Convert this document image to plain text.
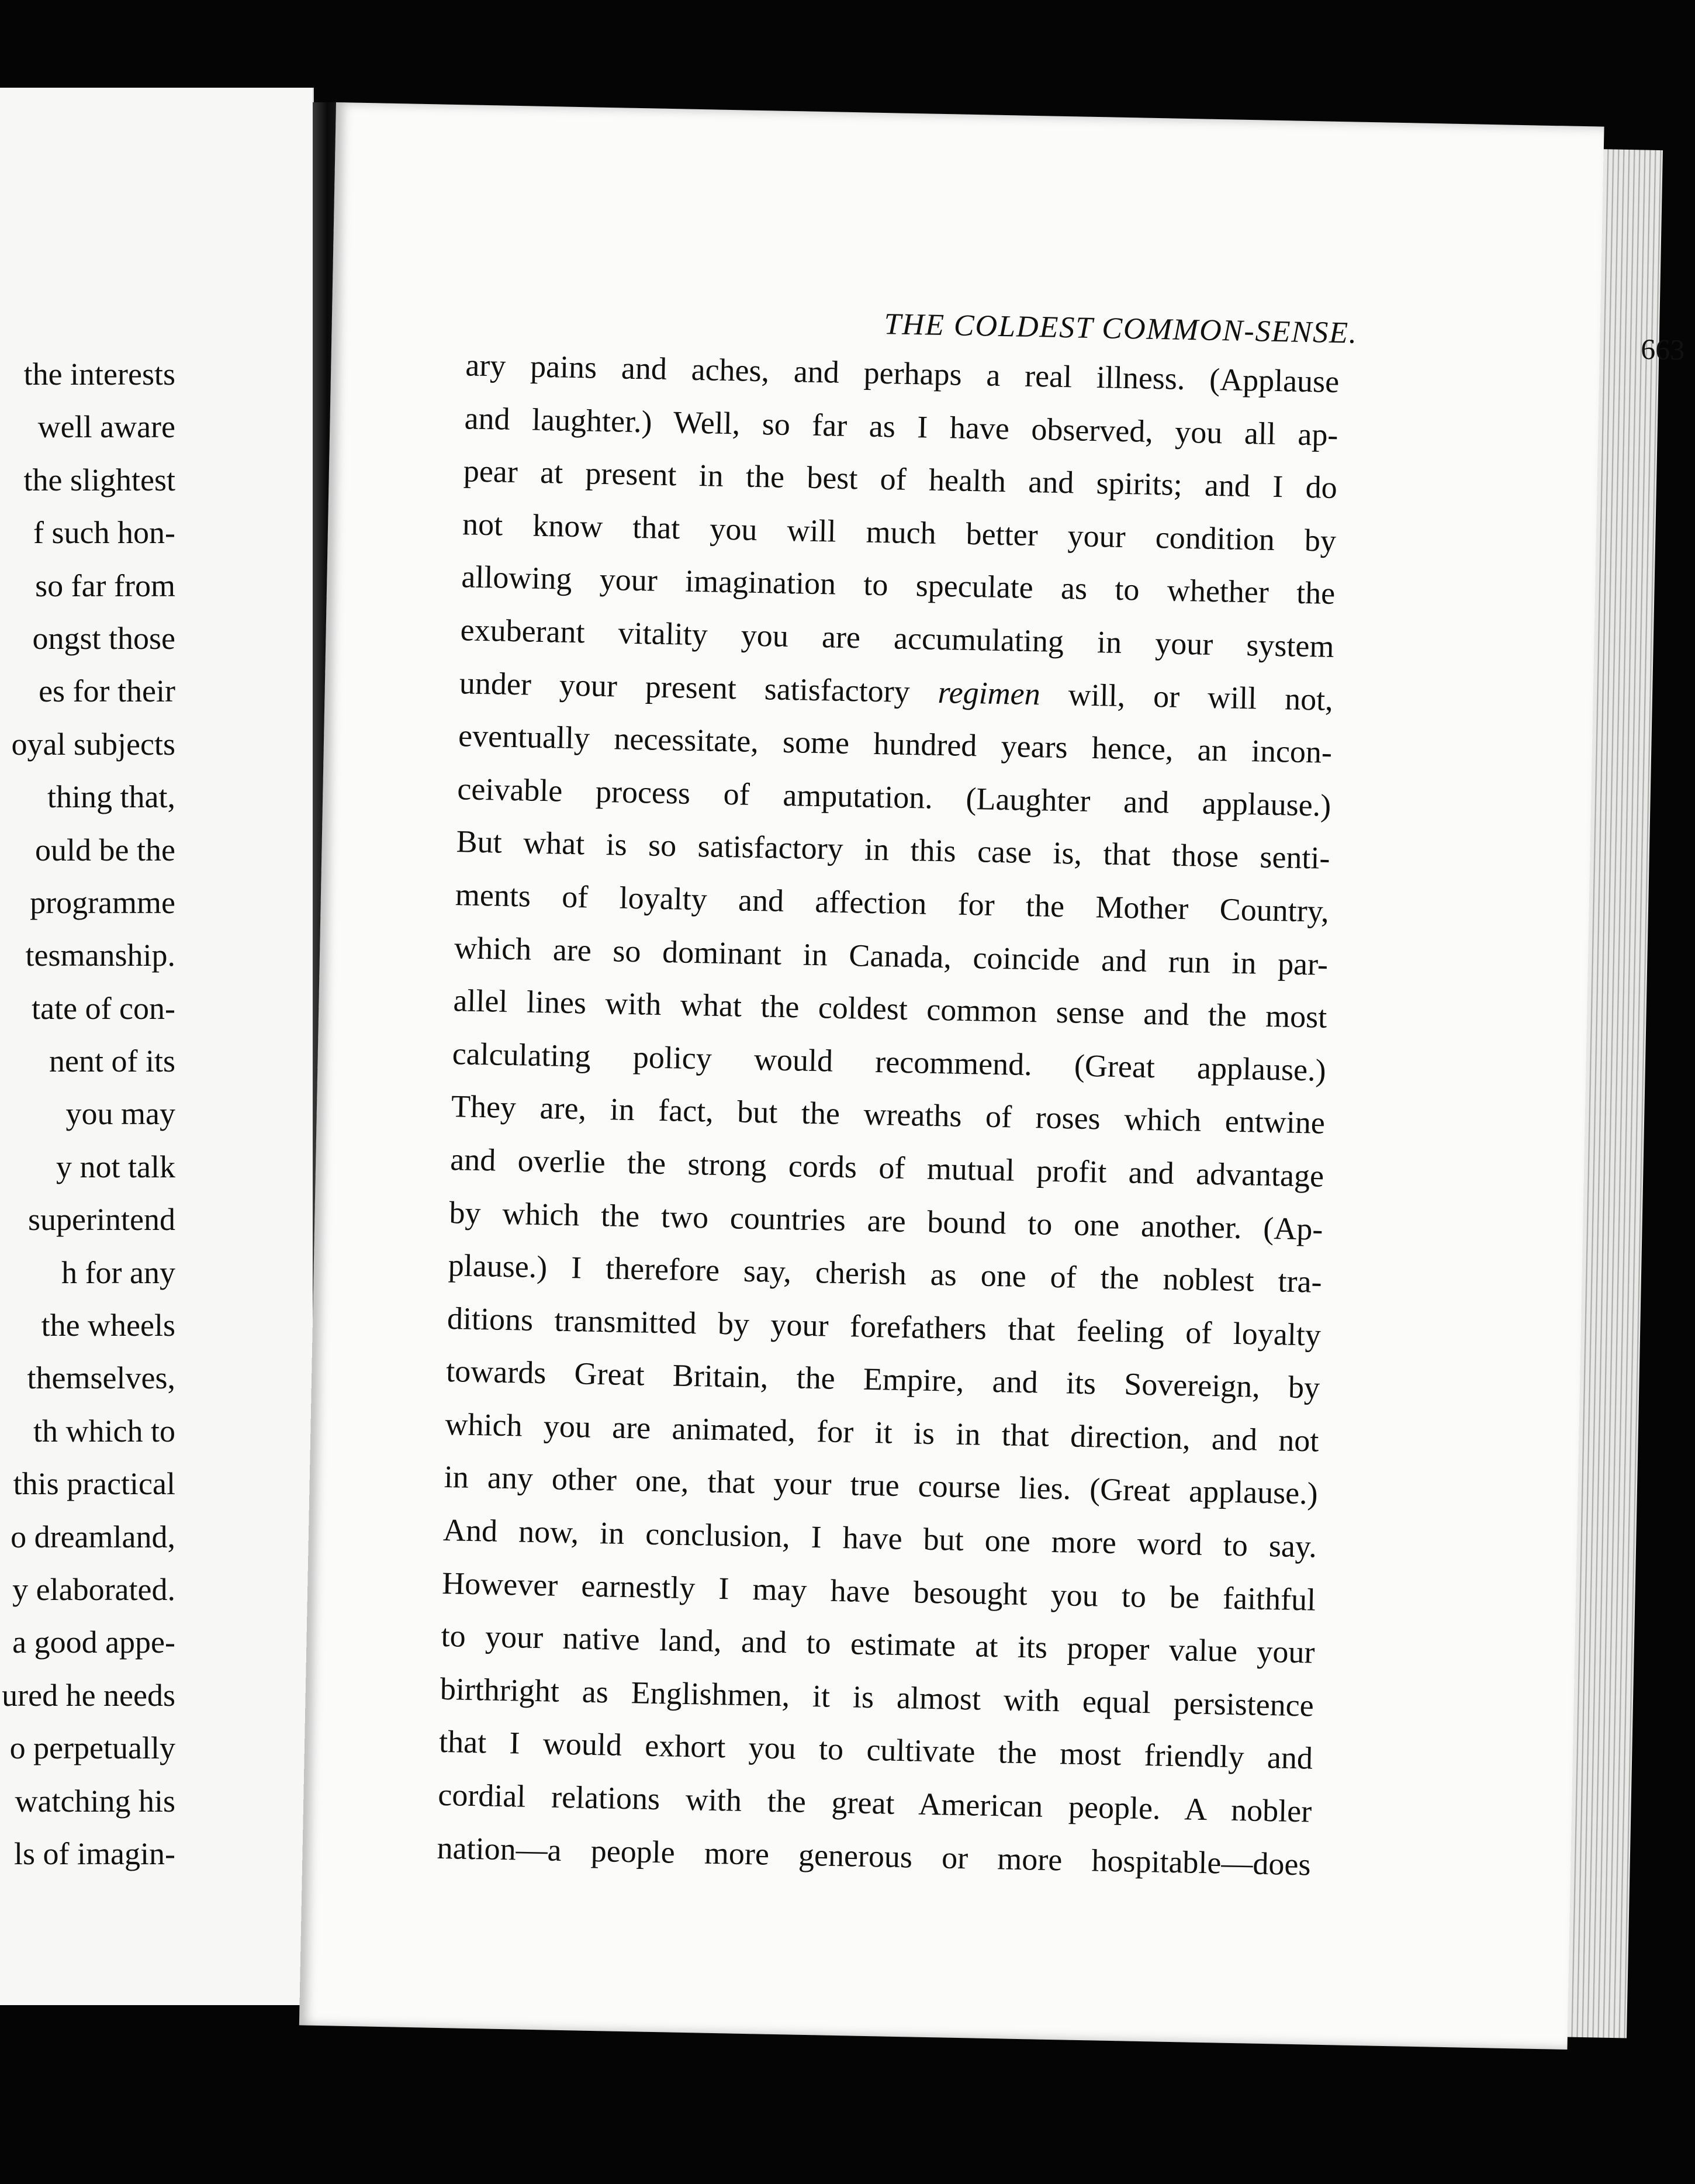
the interests
well aware
the slightest
f such hon-
so far from
ongst those
es for their
oyal subjects
thing that,
ould be the
programme
tesmanship.
tate of con-
nent of its
you may
y not talk
superintend
h for any
the wheels
themselves,
th which to
this practical
o dreamland,
y elaborated.
a good appe-
ured he needs
o perpetually
watching his
ls of imagin-
THE COLDEST COMMON-SENSE.	663
ary pains and aches, and perhaps a real illness. (Applause
and laughter.) Well, so far as I have observed, you all ap-
pear at present in the best of health and spirits; and I do
not know that you will much better your condition by
allowing your imagination to speculate as to whether the
exuberant vitality you are accumulating in your system
under your present satisfactory regimen will, or will not,
eventually necessitate, some hundred years hence, an incon-
ceivable process of amputation. (Laughter and applause.)
But what is so satisfactory in this case is, that those senti-
ments of loyalty and affection for the Mother Country,
which are so dominant in Canada, coincide and run in par-
allel lines with what the coldest common sense and the most
calculating policy would recommend. (Great applause.)
They are, in fact, but the wreaths of roses which entwine
and overlie the strong cords of mutual profit and advantage
by which the two countries are bound to one another. (Ap-
plause.) I therefore say, cherish as one of the noblest tra-
ditions transmitted by your forefathers that feeling of loyalty
towards Great Britain, the Empire, and its Sovereign, by
which you are animated, for it is in that direction, and not
in any other one, that your true course lies. (Great applause.)
And now, in conclusion, I have but one more word to say.
However earnestly I may have besought you to be faithful
to your native land, and to estimate at its proper value your
birthright as Englishmen, it is almost with equal persistence
that I would exhort you to cultivate the most friendly and
cordial relations with the great American people. A nobler
nation—a people more generous or more hospitable—does
